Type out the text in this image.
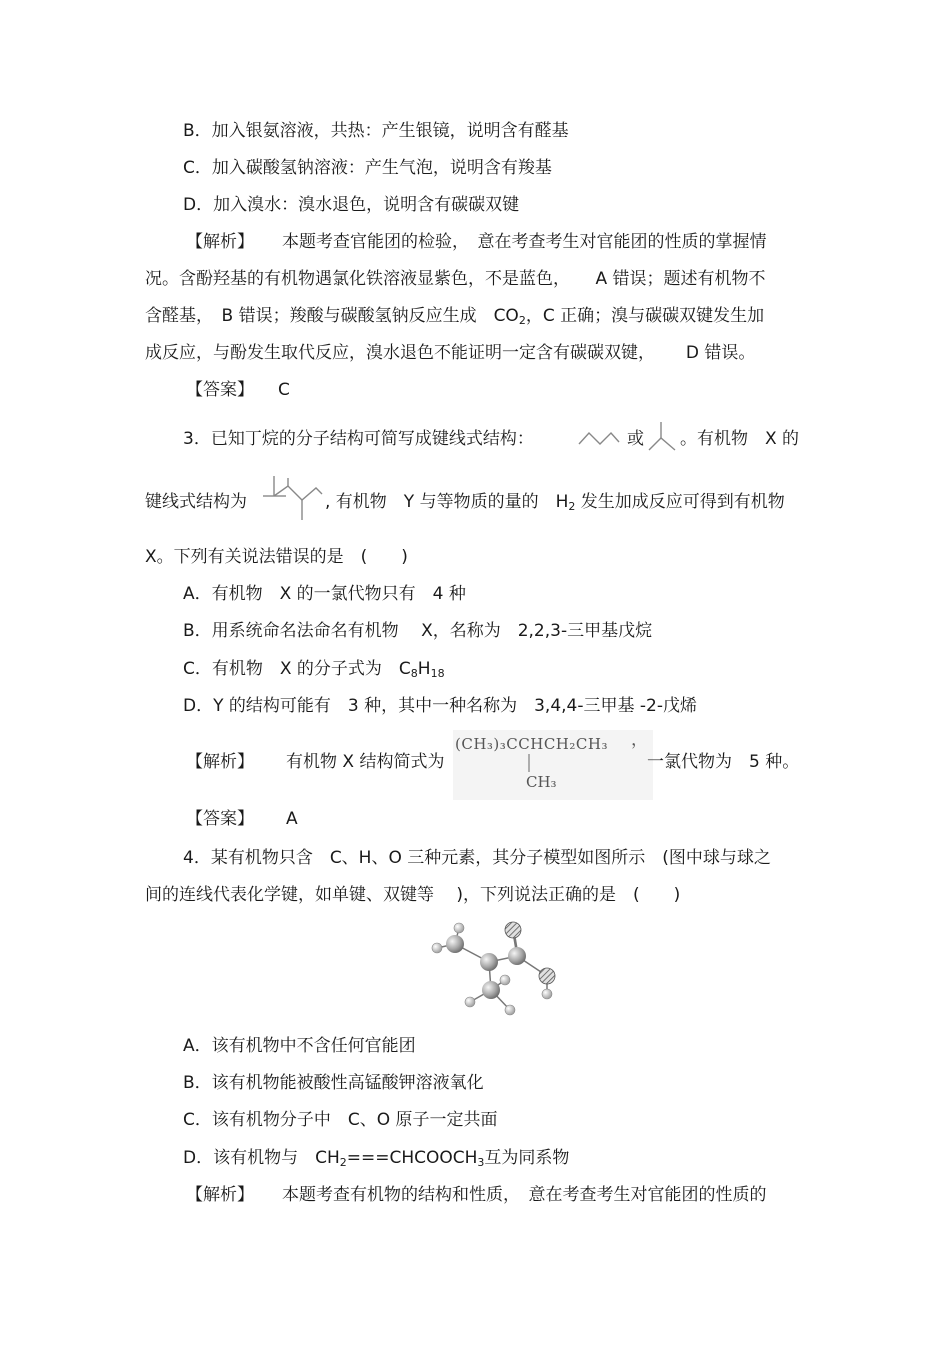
B．加入银氨溶液，共热：产生银镜，说明含有醛基
C．加入碳酸氢钠溶液：产生气泡，说明含有羧基
D．加入溴水：溴水退色，说明含有碳碳双键
【解析】 本题考查官能团的检验，　意在考查考生对官能团的性质的掌握情
况。含酚羟基的有机物遇氯化铁溶液显紫色，不是蓝色，　　A 错误；题述有机物不
含醛基，　B 错误；羧酸与碳酸氢钠反应生成　$CO_2$，C 正确；溴与碳碳双键发生加
成反应，与酚发生取代反应，溴水退色不能证明一定含有碳碳双键，　　 D 错误。
【答案】 C
3．已知丁烷的分子结构可简写成键线式结构：	或 。有机物　X 的
键线式结构为	, 有机物　Y 与等物质的量的　$H_2$ 发生加成反应可得到有机物
X。下列有关说法错误的是　(　　)
A．有机物　X 的一氯代物只有　4 种
B．用系统命名法命名有机物　 X，名称为　2,2,3-三甲基戊烷
C．有机物　X 的分子式为　$C_8H_{18}$
D．Y 的结构可能有　3 种，其中一种名称为　3,4,4-三甲基 -2-戊烯
【解析】 有机物 X 结构简式为
(CH₃)₃CCHCH₂CH₃
CH₃
，
一氯代物为　5 种。
【答案】 A
4．某有机物只含　C、H、O 三种元素，其分子模型如图所示　(图中球与球之
间的连线代表化学键，如单键、双键等　 )，下列说法正确的是　(　　)
A．该有机物中不含任何官能团
B．该有机物能被酸性高锰酸钾溶液氧化
C．该有机物分子中　C、O 原子一定共面
D．该有机物与　$CH_2===CHCOOCH_3$互为同系物
【解析】 本题考查有机物的结构和性质，　意在考查考生对官能团的性质的
